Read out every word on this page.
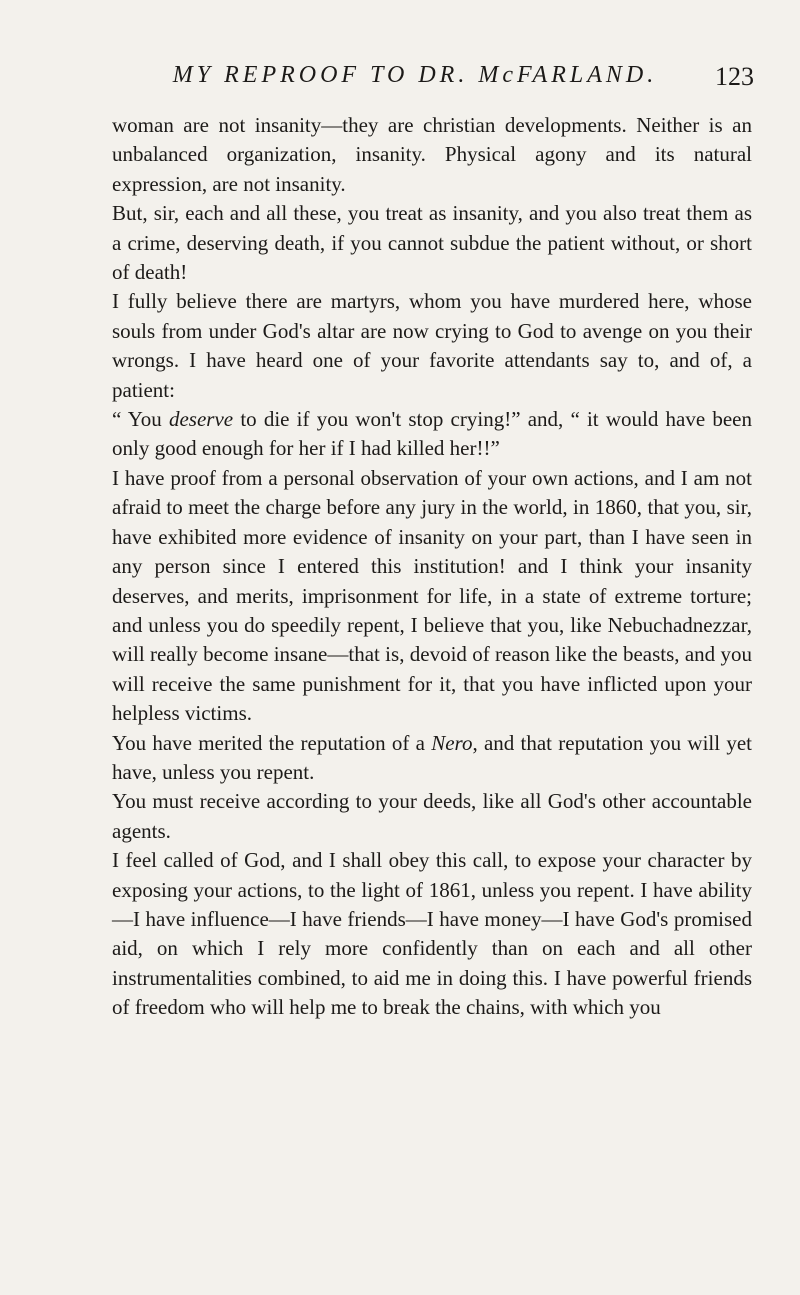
MY REPROOF TO DR. McFARLAND.	123

woman are not insanity—they are christian developments. Neither is an unbalanced organization, insanity. Physical agony and its natural expression, are not insanity.

But, sir, each and all these, you treat as insanity, and you also treat them as a crime, deserving death, if you cannot subdue the patient without, or short of death!

I fully believe there are martyrs, whom you have murdered here, whose souls from under God's altar are now crying to God to avenge on you their wrongs. I have heard one of your favorite attendants say to, and of, a patient:

“ You deserve to die if you won't stop crying!” and, “ it would have been only good enough for her if I had killed her!!”

I have proof from a personal observation of your own actions, and I am not afraid to meet the charge before any jury in the world, in 1860, that you, sir, have exhibited more evidence of insanity on your part, than I have seen in any person since I entered this institution! and I think your insanity deserves, and merits, imprisonment for life, in a state of extreme torture; and unless you do speedily repent, I believe that you, like Nebuchadnezzar, will really become insane—that is, devoid of reason like the beasts, and you will receive the same punishment for it, that you have inflicted upon your helpless victims.

You have merited the reputation of a Nero, and that reputation you will yet have, unless you repent.

You must receive according to your deeds, like all God's other accountable agents.

I feel called of God, and I shall obey this call, to expose your character by exposing your actions, to the light of 1861, unless you repent. I have ability—I have influence—I have friends—I have money—I have God's promised aid, on which I rely more confidently than on each and all other instrumentalities combined, to aid me in doing this. I have powerful friends of freedom who will help me to break the chains, with which you
